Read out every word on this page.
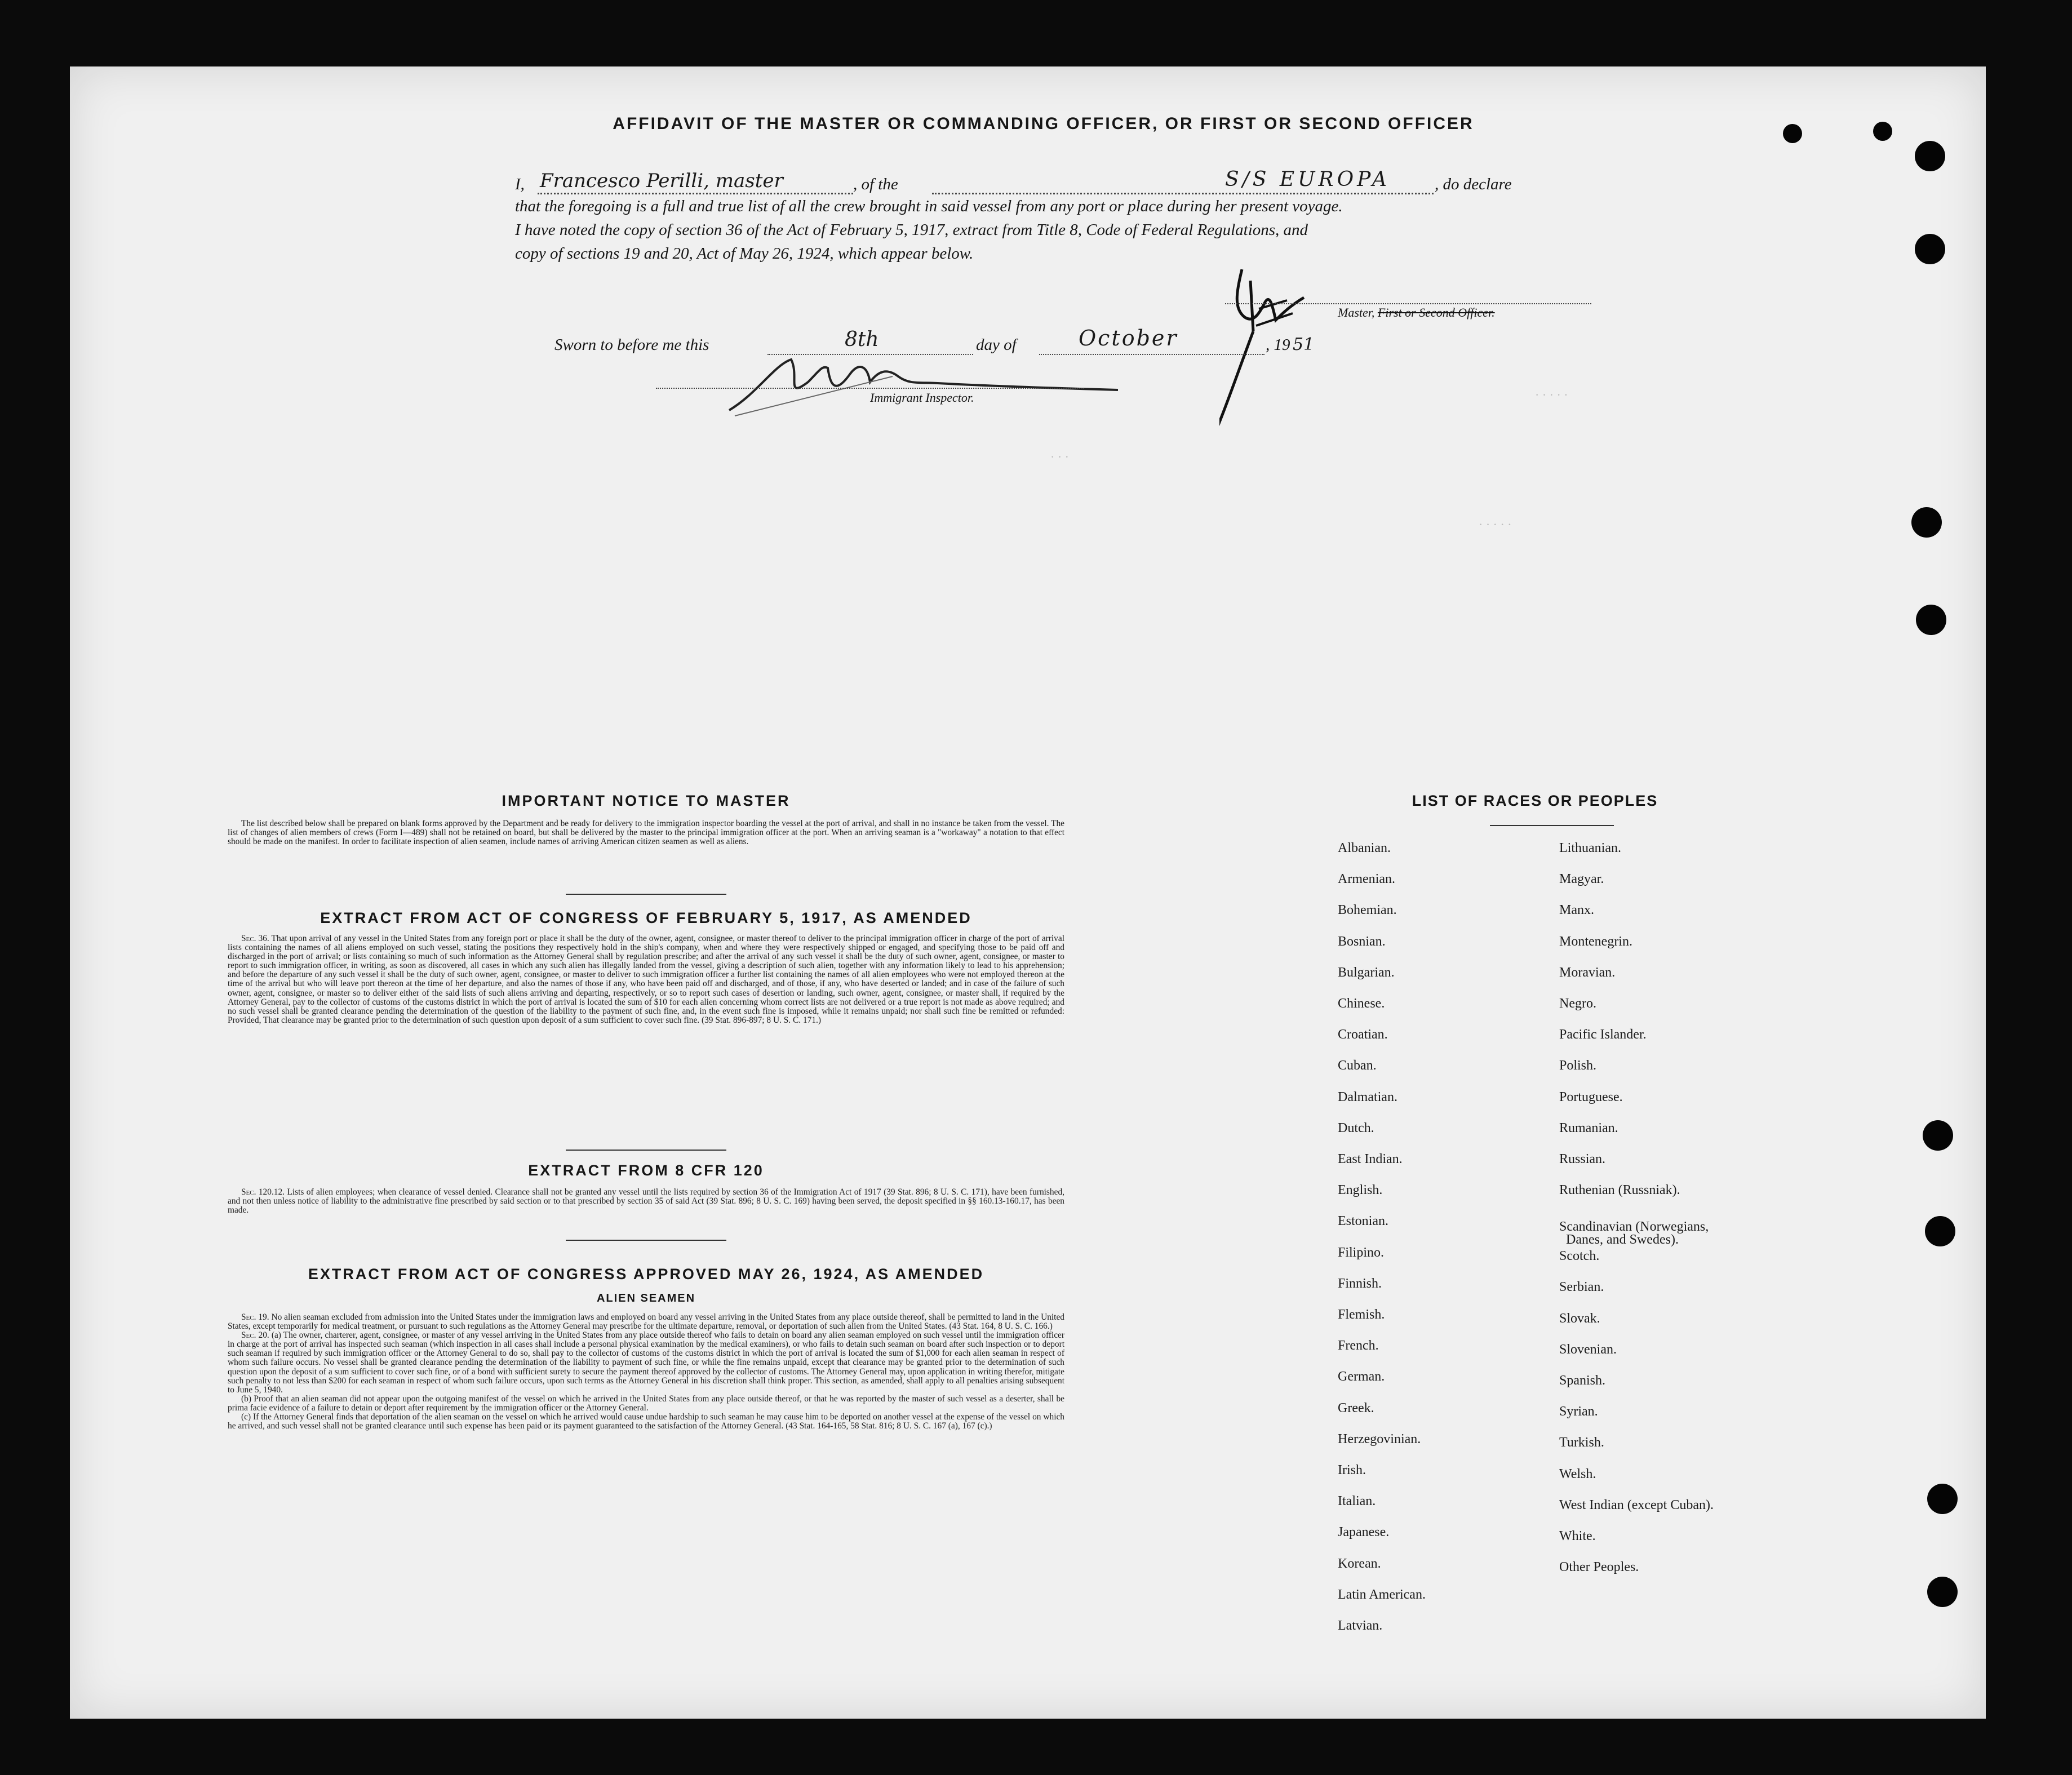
AFFIDAVIT OF THE MASTER OR COMMANDING OFFICER, OR FIRST OR SECOND OFFICER
I, Francesco Perilli, master	, of the	S/S EUROPA	, do declare
that the foregoing is a full and true list of all the crew brought in said vessel from any port or place during her present voyage.
I have noted the copy of section 36 of the Act of February 5, 1917, extract from Title 8, Code of Federal Regulations, and
copy of sections 19 and 20, Act of May 26, 1924, which appear below.
Master, First or Second Officer.
Sworn to before me this	8th	day of	October	, 19 51
Immigrant Inspector.	· · · · ·
· · · · ·
· · ·
IMPORTANT NOTICE TO MASTER

The list described below shall be prepared on blank forms approved by the Department and be ready for delivery to the immigration inspector boarding the vessel at the port of arrival, and shall in no instance be taken from the vessel. The list of changes of alien members of crews (Form I—489) shall not be retained on board, but shall be delivered by the master to the principal immigration officer at the port. When an arriving seaman is a "workaway" a notation to that effect should be made on the manifest. In order to facilitate inspection of alien seamen, include names of arriving American citizen seamen as well as aliens.

EXTRACT FROM ACT OF CONGRESS OF FEBRUARY 5, 1917, AS AMENDED

Sec. 36. That upon arrival of any vessel in the United States from any foreign port or place it shall be the duty of the owner, agent, consignee, or master thereof to deliver to the principal immigration officer in charge of the port of arrival lists containing the names of all aliens employed on such vessel, stating the positions they respectively hold in the ship's company, when and where they were respectively shipped or engaged, and specifying those to be paid off and discharged in the port of arrival; or lists containing so much of such information as the Attorney General shall by regulation prescribe; and after the arrival of any such vessel it shall be the duty of such owner, agent, consignee, or master to report to such immigration officer, in writing, as soon as discovered, all cases in which any such alien has illegally landed from the vessel, giving a description of such alien, together with any information likely to lead to his apprehension; and before the departure of any such vessel it shall be the duty of such owner, agent, consignee, or master to deliver to such immigration officer a further list containing the names of all alien employees who were not employed thereon at the time of the arrival but who will leave port thereon at the time of her departure, and also the names of those if any, who have been paid off and discharged, and of those, if any, who have deserted or landed; and in case of the failure of such owner, agent, consignee, or master so to deliver either of the said lists of such aliens arriving and departing, respectively, or so to report such cases of desertion or landing, such owner, agent, consignee, or master shall, if required by the Attorney General, pay to the collector of customs of the customs district in which the port of arrival is located the sum of $10 for each alien concerning whom correct lists are not delivered or a true report is not made as above required; and no such vessel shall be granted clearance pending the determination of the question of the liability to the payment of such fine, and, in the event such fine is imposed, while it remains unpaid; nor shall such fine be remitted or refunded: Provided, That clearance may be granted prior to the determination of such question upon deposit of a sum sufficient to cover such fine. (39 Stat. 896-897; 8 U. S. C. 171.)

EXTRACT FROM 8 CFR 120

Sec. 120.12. Lists of alien employees; when clearance of vessel denied. Clearance shall not be granted any vessel until the lists required by section 36 of the Immigration Act of 1917 (39 Stat. 896; 8 U. S. C. 171), have been furnished, and not then unless notice of liability to the administrative fine prescribed by said section or to that prescribed by section 35 of said Act (39 Stat. 896; 8 U. S. C. 169) having been served, the deposit specified in §§ 160.13-160.17, has been made.

EXTRACT FROM ACT OF CONGRESS APPROVED MAY 26, 1924, AS AMENDED
ALIEN SEAMEN

Sec. 19. No alien seaman excluded from admission into the United States under the immigration laws and employed on board any vessel arriving in the United States from any place outside thereof, shall be permitted to land in the United States, except temporarily for medical treatment, or pursuant to such regulations as the Attorney General may prescribe for the ultimate departure, removal, or deportation of such alien from the United States. (43 Stat. 164, 8 U. S. C. 166.)

Sec. 20. (a) The owner, charterer, agent, consignee, or master of any vessel arriving in the United States from any place outside thereof who fails to detain on board any alien seaman employed on such vessel until the immigration officer in charge at the port of arrival has inspected such seaman (which inspection in all cases shall include a personal physical examination by the medical examiners), or who fails to detain such seaman on board after such inspection or to deport such seaman if required by such immigration officer or the Attorney General to do so, shall pay to the collector of customs of the customs district in which the port of arrival is located the sum of $1,000 for each alien seaman in respect of whom such failure occurs. No vessel shall be granted clearance pending the determination of the liability to payment of such fine, or while the fine remains unpaid, except that clearance may be granted prior to the determination of such question upon the deposit of a sum sufficient to cover such fine, or of a bond with sufficient surety to secure the payment thereof approved by the collector of customs. The Attorney General may, upon application in writing therefor, mitigate such penalty to not less than $200 for each seaman in respect of whom such failure occurs, upon such terms as the Attorney General in his discretion shall think proper. This section, as amended, shall apply to all penalties arising subsequent to June 5, 1940.

(b) Proof that an alien seaman did not appear upon the outgoing manifest of the vessel on which he arrived in the United States from any place outside thereof, or that he was reported by the master of such vessel as a deserter, shall be prima facie evidence of a failure to detain or deport after requirement by the immigration officer or the Attorney General.

(c) If the Attorney General finds that deportation of the alien seaman on the vessel on which he arrived would cause undue hardship to such seaman he may cause him to be deported on another vessel at the expense of the vessel on which he arrived, and such vessel shall not be granted clearance until such expense has been paid or its payment guaranteed to the satisfaction of the Attorney General. (43 Stat. 164-165, 58 Stat. 816; 8 U. S. C. 167 (a), 167 (c).)

LIST OF RACES OR PEOPLES
Albanian.
Armenian.
Bohemian.
Bosnian.
Bulgarian.
Chinese.
Croatian.
Cuban.
Dalmatian.
Dutch.
East Indian.
English.
Estonian.
Filipino.
Finnish.
Flemish.
French.
German.
Greek.
Herzegovinian.
Irish.
Italian.
Japanese.
Korean.
Latin American.
Latvian.
Lithuanian.
Magyar.
Manx.
Montenegrin.
Moravian.
Negro.
Pacific Islander.
Polish.
Portuguese.
Rumanian.
Russian.
Ruthenian (Russniak).
Scandinavian (Norwegians,
Danes, and Swedes).
Scotch.
Serbian.
Slovak.
Slovenian.
Spanish.
Syrian.
Turkish.
Welsh.
West Indian (except Cuban).
White.
Other Peoples.
